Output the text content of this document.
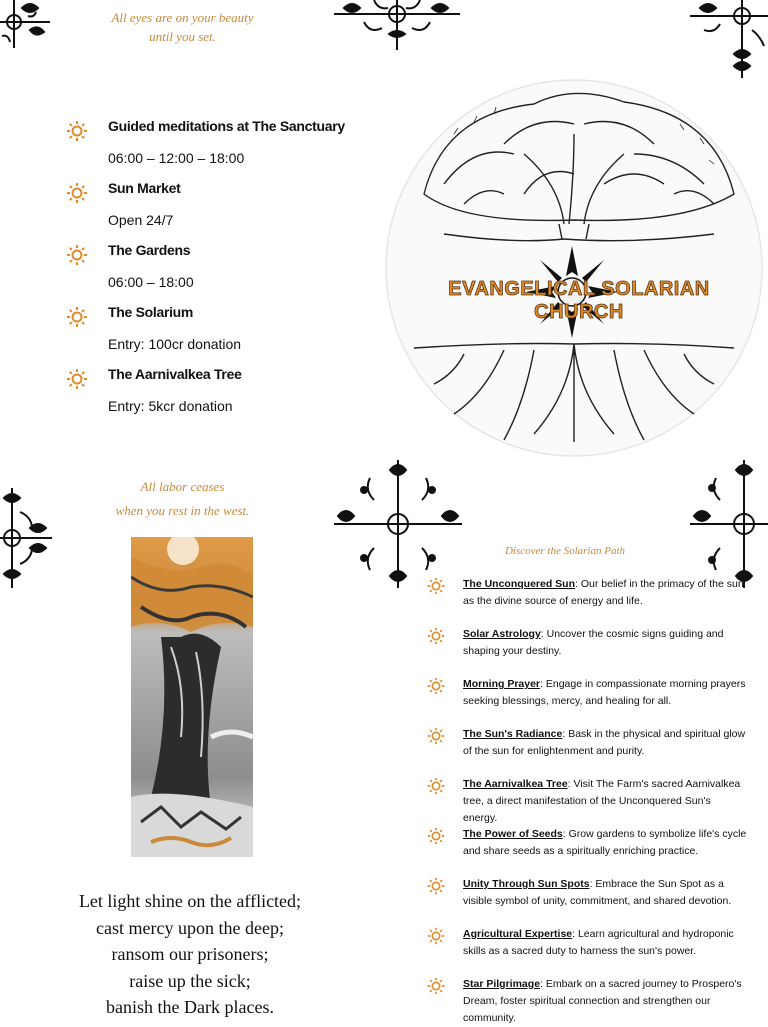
All eyes are on your beauty
until you set.
Guided meditations at The Sanctuary
06:00 – 12:00 – 18:00
Sun Market
Open 24/7
The Gardens
06:00 – 18:00
The Solarium
Entry: 100cr donation
The Aarnivalkea Tree
Entry: 5kcr donation
EVANGELICAL SOLARIAN CHURCH
All labor ceases
when you rest in the west.
Let light shine on the afflicted;
cast mercy upon the deep;
ransom our prisoners;
raise up the sick;
banish the Dark places.
Discover the Solarian Path
The Unconquered Sun: Our belief in the primacy of the sun as the divine source of energy and life.
Solar Astrology: Uncover the cosmic signs guiding and shaping your destiny.
Morning Prayer: Engage in compassionate morning prayers seeking blessings, mercy, and healing for all.
The Sun's Radiance: Bask in the physical and spiritual glow of the sun for enlightenment and purity.
The Aarnivalkea Tree: Visit The Farm's sacred Aarnivalkea tree, a direct manifestation of the Unconquered Sun's energy.
The Power of Seeds: Grow gardens to symbolize life's cycle and share seeds as a spiritually enriching practice.
Unity Through Sun Spots: Embrace the Sun Spot as a visible symbol of unity, commitment, and shared devotion.
Agricultural Expertise: Learn agricultural and hydroponic skills as a sacred duty to harness the sun's power.
Star Pilgrimage: Embark on a sacred journey to Prospero's Dream, foster spiritual connection and strengthen our community.
